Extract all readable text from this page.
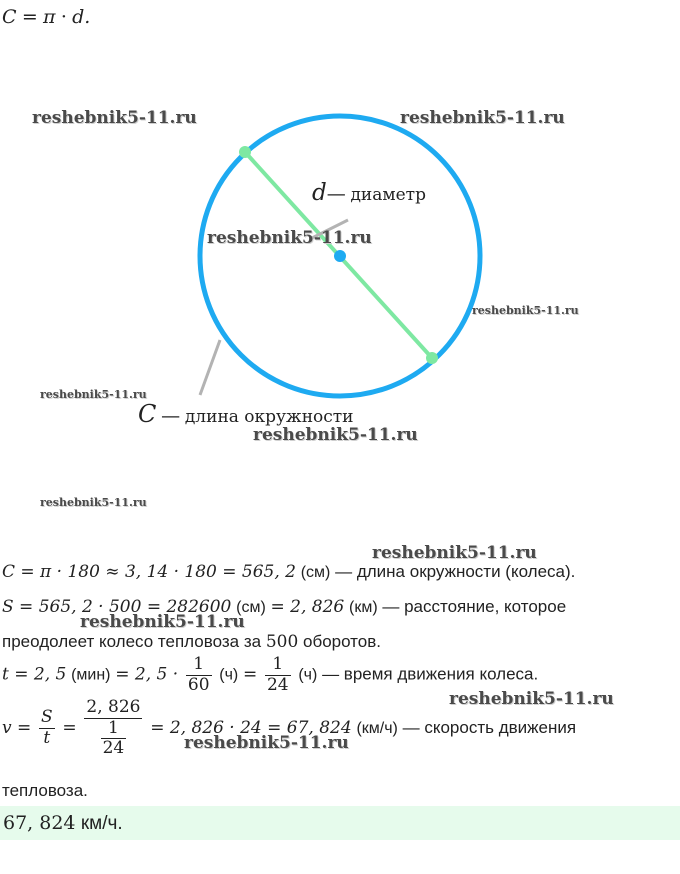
C = π · d.
d— диаметр
C — длина окружности
reshebnik5-11.ru	reshebnik5-11.ru
reshebnik5-11.ru
reshebnik5-11.ru
reshebnik5-11.ru
reshebnik5-11.ru
reshebnik5-11.ru
reshebnik5-11.ru
reshebnik5-11.ru
reshebnik5-11.ru
reshebnik5-11.ru
C = π · 180 ≈ 3, 14 · 180 = 565, 2 (см) — длина окружности (колеса).
S = 565, 2 · 500 = 282600 (см) = 2, 826 (км) — расстояние, которое
преодолеет колесо тепловоза за 500 оборотов.
t = 2, 5 (мин) = 2, $5 \cdot \frac{1}{60} (ч) = \frac{1}{24} (ч)$ — время движения колеса.
$v = \frac{S}{t} = \frac{2, 826}{\frac{1}{24}} = 2$, 826 · 24 = 67, 824 (км/ч) — скорость движения
тепловоза.
67, 824 км/ч.
